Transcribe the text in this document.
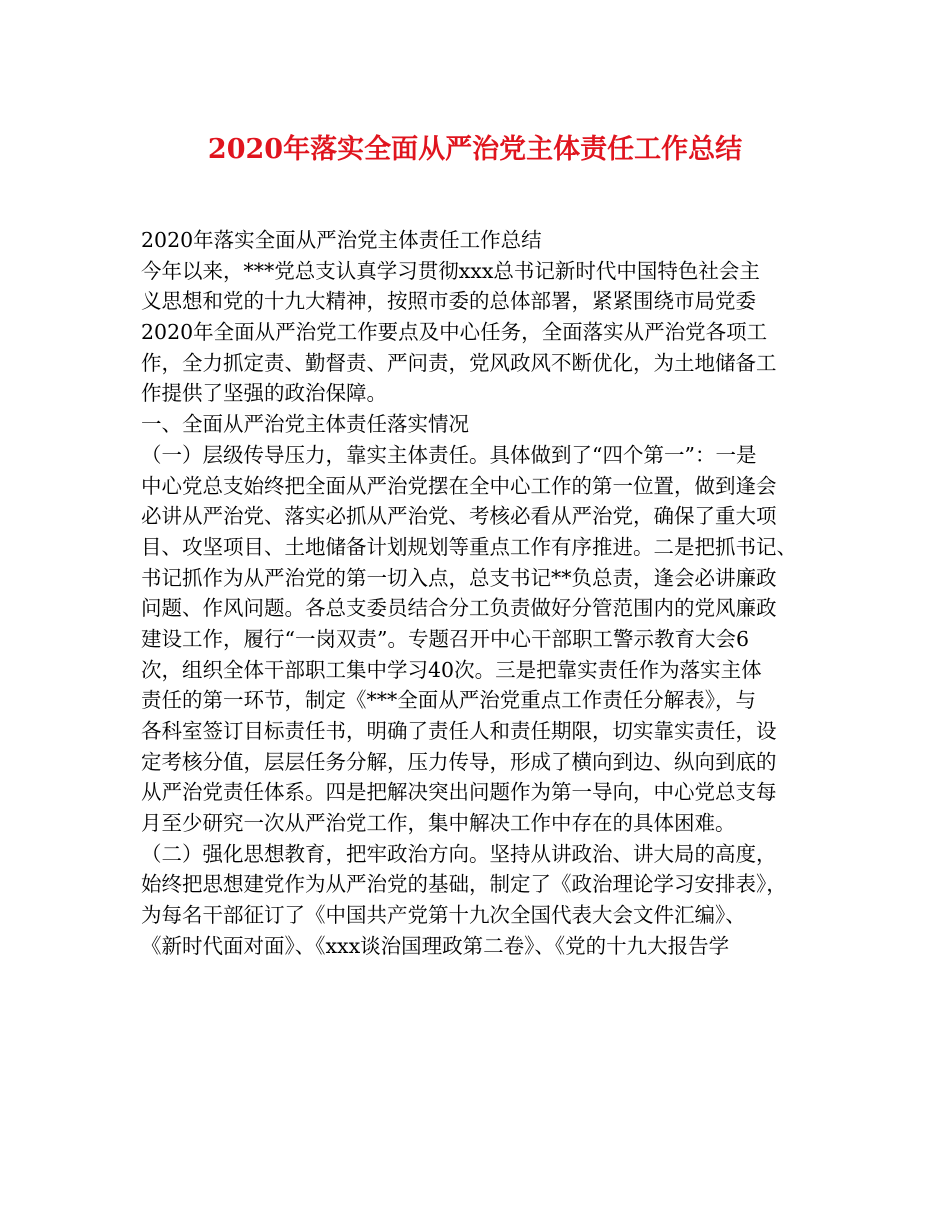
2020年落实全面从严治党主体责任工作总结
2020年落实全面从严治党主体责任工作总结
今年以来，***党总支认真学习贯彻xxx总书记新时代中国特色社会主
义思想和党的十九大精神，按照市委的总体部署，紧紧围绕市局党委
2020年全面从严治党工作要点及中心任务，全面落实从严治党各项工
作，全力抓定责、勤督责、严问责，党风政风不断优化，为土地储备工
作提供了坚强的政治保障。
一、全面从严治党主体责任落实情况
（一）层级传导压力，靠实主体责任。具体做到了“四个第一”：一是
中心党总支始终把全面从严治党摆在全中心工作的第一位置，做到逢会
必讲从严治党、落实必抓从严治党、考核必看从严治党，确保了重大项
目、攻坚项目、土地储备计划规划等重点工作有序推进。二是把抓书记、
书记抓作为从严治党的第一切入点，总支书记**负总责，逢会必讲廉政
问题、作风问题。各总支委员结合分工负责做好分管范围内的党风廉政
建设工作，履行“一岗双责”。专题召开中心干部职工警示教育大会6
次，组织全体干部职工集中学习40次。三是把靠实责任作为落实主体
责任的第一环节，制定《***全面从严治党重点工作责任分解表》，与
各科室签订目标责任书，明确了责任人和责任期限，切实靠实责任，设
定考核分值，层层任务分解，压力传导，形成了横向到边、纵向到底的
从严治党责任体系。四是把解决突出问题作为第一导向，中心党总支每
月至少研究一次从严治党工作，集中解决工作中存在的具体困难。
（二）强化思想教育，把牢政治方向。坚持从讲政治、讲大局的高度，
始终把思想建党作为从严治党的基础，制定了《政治理论学习安排表》，
为每名干部征订了《中国共产党第十九次全国代表大会文件汇编》、
《新时代面对面》、《xxx谈治国理政第二卷》、《党的十九大报告学
